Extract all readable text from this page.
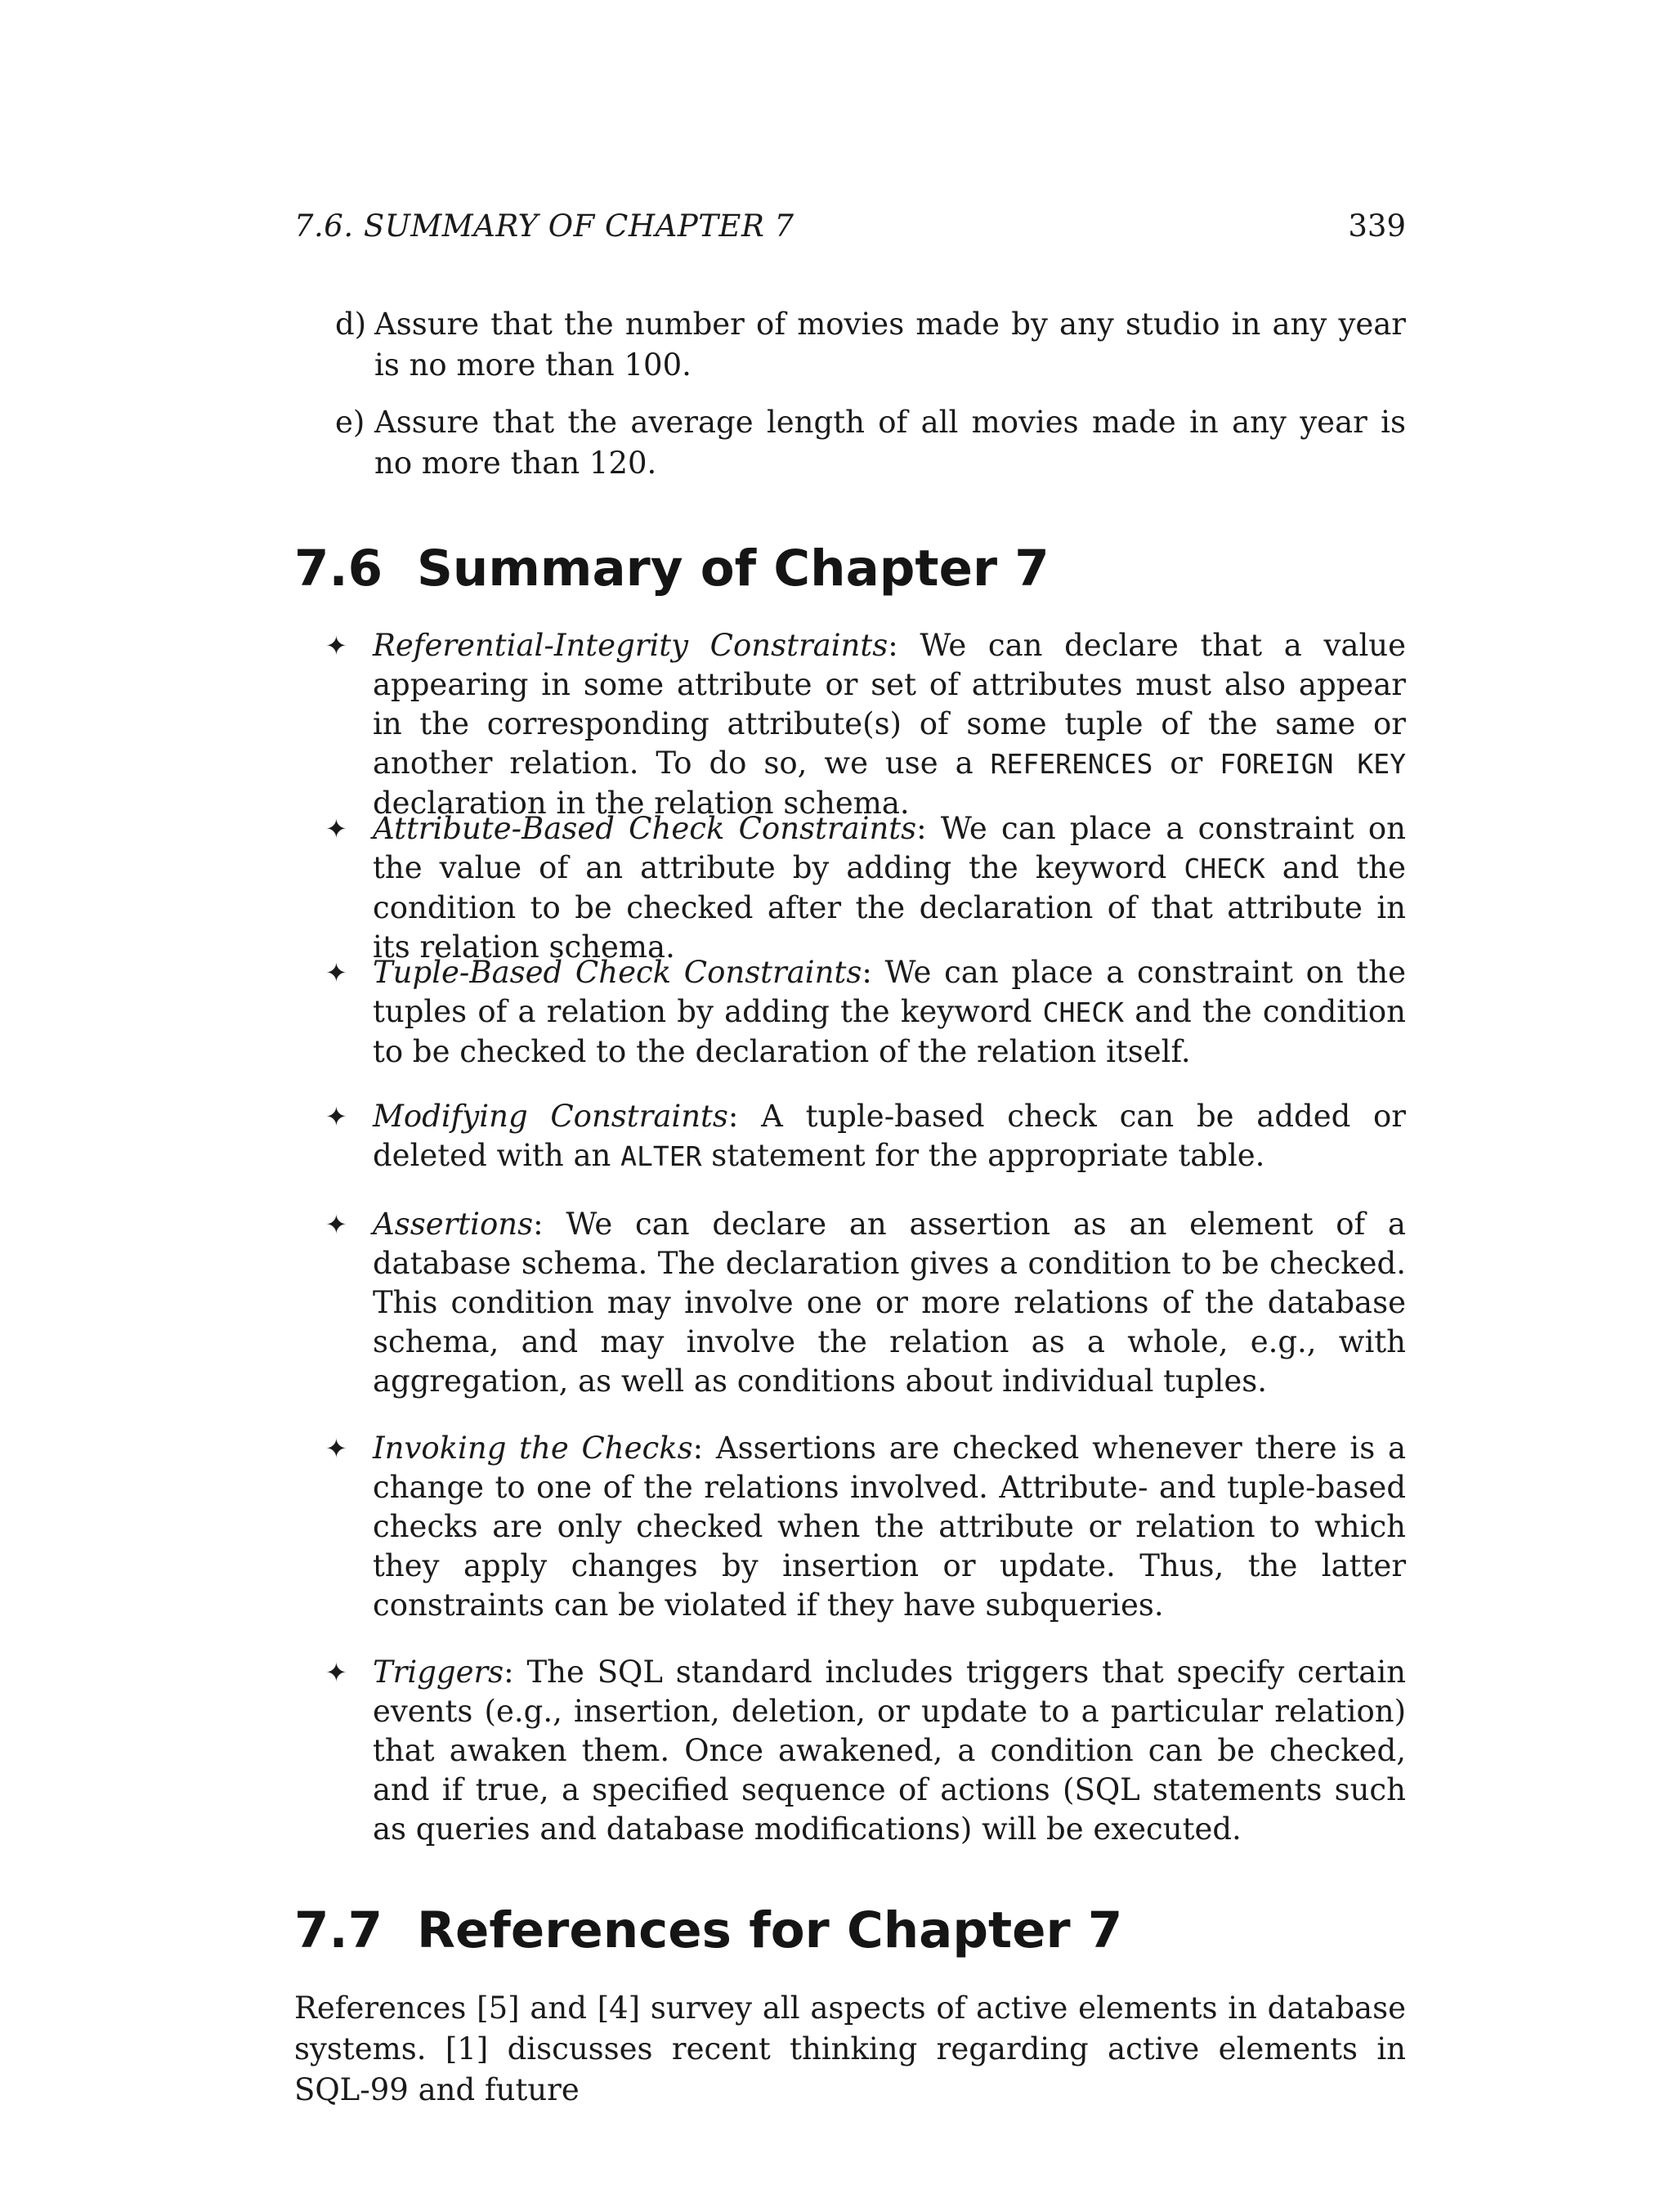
7.6. SUMMARY OF CHAPTER 7	339

d) Assure that the number of movies made by any studio in any year is no more than 100.

e) Assure that the average length of all movies made in any year is no more than 120.

7.6 Summary of Chapter 7

✦ Referential-Integrity Constraints: We can declare that a value appearing in some attribute or set of attributes must also appear in the corresponding attribute(s) of some tuple of the same or another relation. To do so, we use a REFERENCES or FOREIGN KEY declaration in the relation schema.

✦ Attribute-Based Check Constraints: We can place a constraint on the value of an attribute by adding the keyword CHECK and the condition to be checked after the declaration of that attribute in its relation schema.

✦ Tuple-Based Check Constraints: We can place a constraint on the tuples of a relation by adding the keyword CHECK and the condition to be checked to the declaration of the relation itself.

✦ Modifying Constraints: A tuple-based check can be added or deleted with an ALTER statement for the appropriate table.

✦ Assertions: We can declare an assertion as an element of a database schema. The declaration gives a condition to be checked. This condition may involve one or more relations of the database schema, and may involve the relation as a whole, e.g., with aggregation, as well as conditions about individual tuples.

✦ Invoking the Checks: Assertions are checked whenever there is a change to one of the relations involved. Attribute- and tuple-based checks are only checked when the attribute or relation to which they apply changes by insertion or update. Thus, the latter constraints can be violated if they have subqueries.

✦ Triggers: The SQL standard includes triggers that specify certain events (e.g., insertion, deletion, or update to a particular relation) that awaken them. Once awakened, a condition can be checked, and if true, a specified sequence of actions (SQL statements such as queries and database modifications) will be executed.

7.7 References for Chapter 7

References [5] and [4] survey all aspects of active elements in database systems. [1] discusses recent thinking regarding active elements in SQL-99 and future
